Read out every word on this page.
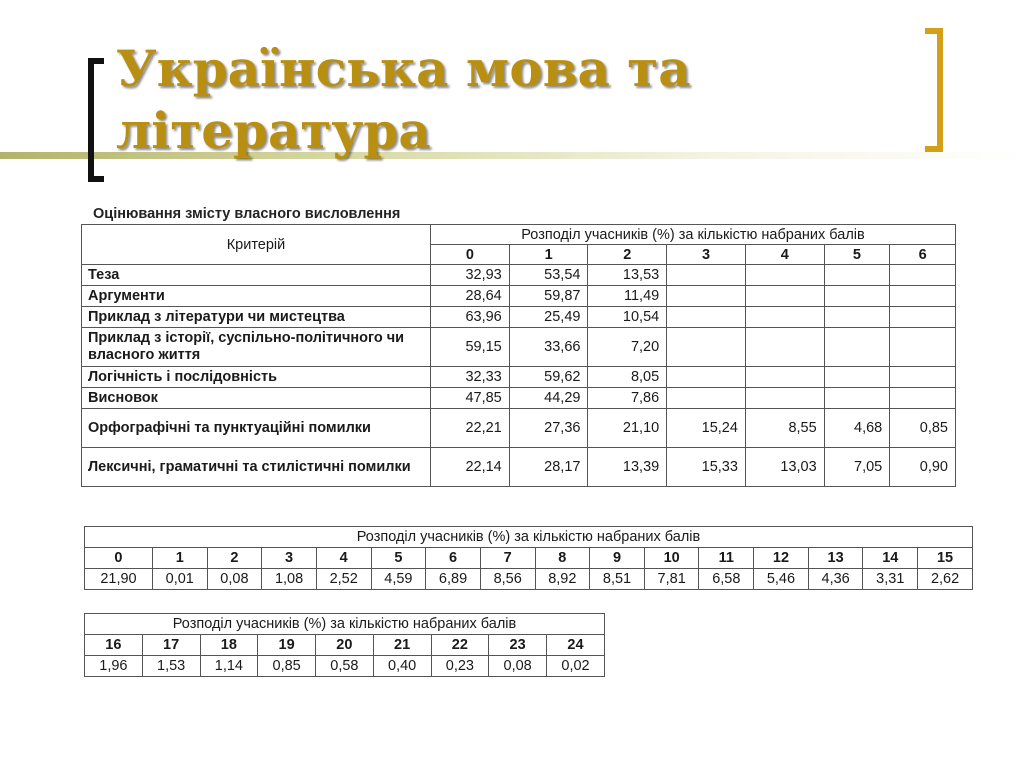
Українська мова та
література
Оцінювання змісту власного висловлення
Критерій	Розподіл учасників (%) за кількістю набраних балів						
	0	1	2	3	4	5	6
Теза	32,93	53,54	13,53				
Аргументи	28,64	59,87	11,49				
Приклад з літератури чи мистецтва	63,96	25,49	10,54				
Приклад з історії, суспільно-політичного чи власного життя	59,15	33,66	7,20				
Логічність і послідовність	32,33	59,62	8,05				
Висновок	47,85	44,29	7,86				
Орфографічні та пунктуаційні помилки	22,21	27,36	21,10	15,24	8,55	4,68	0,85
Лексичні, граматичні та стилістичні помилки	22,14	28,17	13,39	15,33	13,03	7,05	0,90
Розподіл учасників (%) за кількістю набраних балів															
0	1	2	3	4	5	6	7	8	9	10	11	12	13	14	15
21,90	0,01	0,08	1,08	2,52	4,59	6,89	8,56	8,92	8,51	7,81	6,58	5,46	4,36	3,31	2,62
Розподіл учасників (%) за кількістю набраних балів								
16	17	18	19	20	21	22	23	24
1,96	1,53	1,14	0,85	0,58	0,40	0,23	0,08	0,02
